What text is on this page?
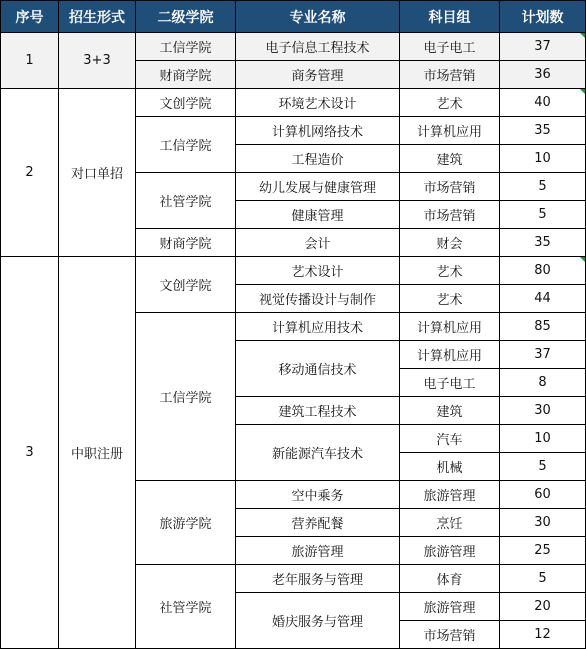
序号	招生形式	二级学院	专业名称	科目组	计划数
1	3+3	工信学院	电子信息工程技术	电子电工	37
		财商学院	商务管理	市场营销	36
2	对口单招	文创学院	环境艺术设计	艺术	40
		工信学院	计算机网络技术	计算机应用	35
			工程造价	建筑	10
		社管学院	幼儿发展与健康管理	市场营销	5
			健康管理	市场营销	5
		财商学院	会计	财会	35
3	中职注册	文创学院	艺术设计	艺术	80
			视觉传播设计与制作	艺术	44
		工信学院	计算机应用技术	计算机应用	85
			移动通信技术	计算机应用	37
				电子电工	8
			建筑工程技术	建筑	30
			新能源汽车技术	汽车	10
				机械	5
		旅游学院	空中乘务	旅游管理	60
			营养配餐	烹饪	30
			旅游管理	旅游管理	25
		社管学院	老年服务与管理	体育	5
			婚庆服务与管理	旅游管理	20
				市场营销	12
